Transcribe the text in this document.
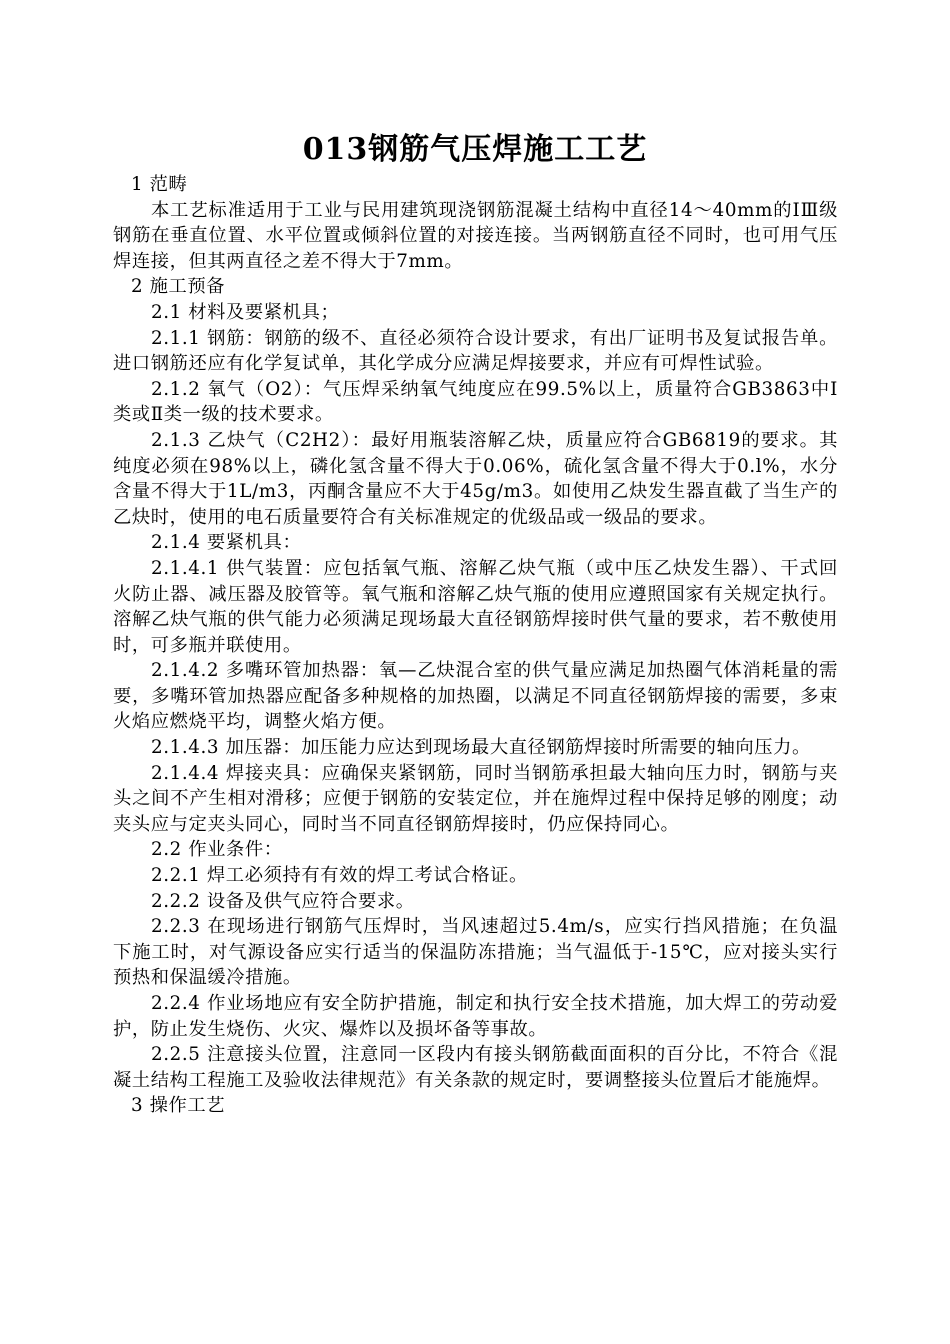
013钢筋气压焊施工工艺

1 范畴

本工艺标准适用于工业与民用建筑现浇钢筋混凝土结构中直径14～40mm的ⅠⅢ级钢筋在垂直位置、水平位置或倾斜位置的对接连接。当两钢筋直径不同时，也可用气压焊连接，但其两直径之差不得大于7mm。

2 施工预备

2.1 材料及要紧机具；

2.1.1 钢筋：钢筋的级不、直径必须符合设计要求，有出厂证明书及复试报告单。进口钢筋还应有化学复试单，其化学成分应满足焊接要求，并应有可焊性试验。

2.1.2 氧气（O2）：气压焊采纳氧气纯度应在99.5%以上，质量符合GB3863中Ⅰ类或Ⅱ类一级的技术要求。

2.1.3 乙炔气（C2H2）：最好用瓶装溶解乙炔，质量应符合GB6819的要求。其纯度必须在98%以上，磷化氢含量不得大于0.06%，硫化氢含量不得大于0.l%，水分含量不得大于1L/m3，丙酮含量应不大于45g/m3。如使用乙炔发生器直截了当生产的乙炔时，使用的电石质量要符合有关标准规定的优级品或一级品的要求。

2.1.4 要紧机具：

2.1.4.1 供气装置：应包括氧气瓶、溶解乙炔气瓶（或中压乙炔发生器）、干式回火防止器、减压器及胶管等。氧气瓶和溶解乙炔气瓶的使用应遵照国家有关规定执行。溶解乙炔气瓶的供气能力必须满足现场最大直径钢筋焊接时供气量的要求，若不敷使用时，可多瓶并联使用。

2.1.4.2 多嘴环管加热器：氧—乙炔混合室的供气量应满足加热圈气体消耗量的需要，多嘴环管加热器应配备多种规格的加热圈，以满足不同直径钢筋焊接的需要，多束火焰应燃烧平均，调整火焰方便。

2.1.4.3 加压器：加压能力应达到现场最大直径钢筋焊接时所需要的轴向压力。

2.1.4.4 焊接夹具：应确保夹紧钢筋，同时当钢筋承担最大轴向压力时，钢筋与夹头之间不产生相对滑移；应便于钢筋的安装定位，并在施焊过程中保持足够的刚度；动夹头应与定夹头同心，同时当不同直径钢筋焊接时，仍应保持同心。

2.2 作业条件：

2.2.1 焊工必须持有有效的焊工考试合格证。

2.2.2 设备及供气应符合要求。

2.2.3 在现场进行钢筋气压焊时，当风速超过5.4m/s，应实行挡风措施；在负温下施工时，对气源设备应实行适当的保温防冻措施；当气温低于-15℃，应对接头实行预热和保温缓冷措施。

2.2.4 作业场地应有安全防护措施，制定和执行安全技术措施，加大焊工的劳动爱护，防止发生烧伤、火灾、爆炸以及损坏备等事故。

2.2.5 注意接头位置，注意同一区段内有接头钢筋截面面积的百分比，不符合《混凝土结构工程施工及验收法律规范》有关条款的规定时，要调整接头位置后才能施焊。

3 操作工艺
